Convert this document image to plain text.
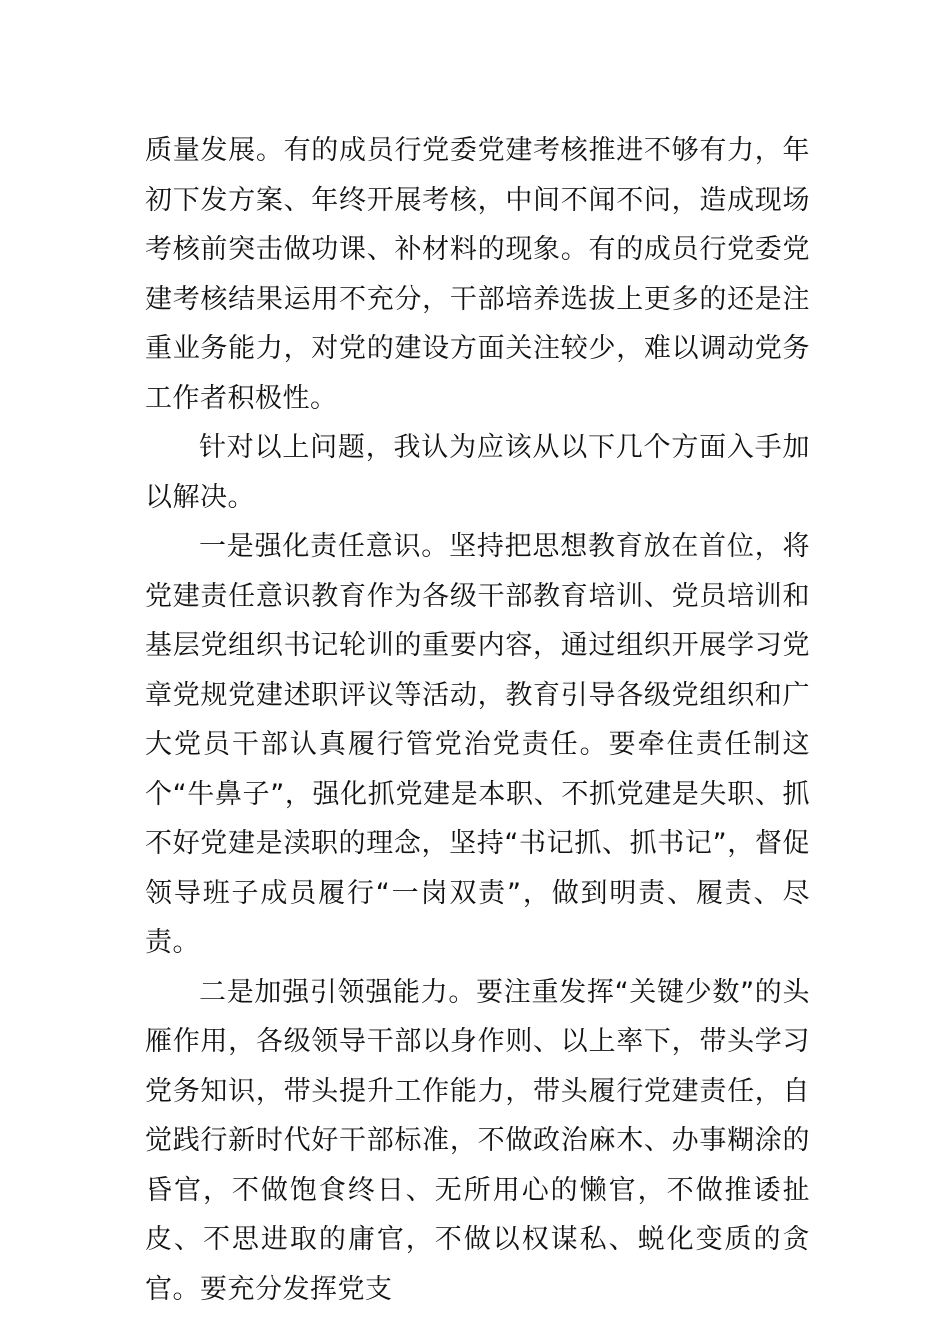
质量发展。有的成员行党委党建考核推进不够有力，年初下发方案、年终开展考核，中间不闻不问，造成现场考核前突击做功课、补材料的现象。有的成员行党委党建考核结果运用不充分，干部培养选拔上更多的还是注重业务能力，对党的建设方面关注较少，难以调动党务工作者积极性。

针对以上问题，我认为应该从以下几个方面入手加以解决。

一是强化责任意识。坚持把思想教育放在首位，将党建责任意识教育作为各级干部教育培训、党员培训和基层党组织书记轮训的重要内容，通过组织开展学习党章党规党建述职评议等活动，教育引导各级党组织和广大党员干部认真履行管党治党责任。要牵住责任制这个“牛鼻子”，强化抓党建是本职、不抓党建是失职、抓不好党建是渎职的理念，坚持“书记抓、抓书记”，督促领导班子成员履行“一岗双责”，做到明责、履责、尽责。

二是加强引领强能力。要注重发挥“关键少数”的头雁作用，各级领导干部以身作则、以上率下，带头学习党务知识，带头提升工作能力，带头履行党建责任，自觉践行新时代好干部标准，不做政治麻木、办事糊涂的昏官，不做饱食终日、无所用心的懒官，不做推诿扯皮、不思进取的庸官，不做以权谋私、蜕化变质的贪官。要充分发挥党支
